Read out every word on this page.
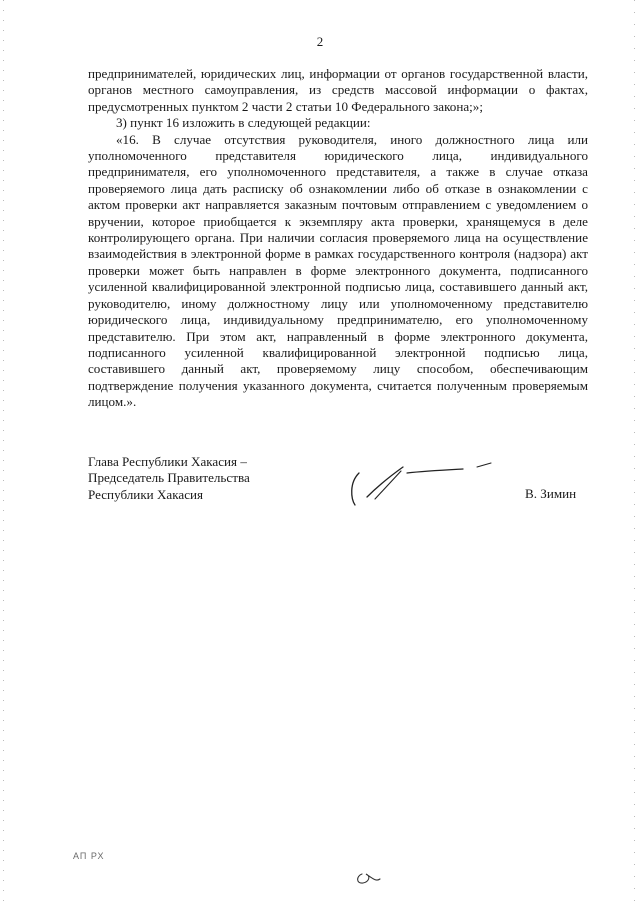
2

предпринимателей, юридических лиц, информации от органов государственной власти, органов местного самоуправления, из средств массовой информации о фактах, предусмотренных пунктом 2 части 2 статьи 10 Федерального закона;»;

3) пункт 16 изложить в следующей редакции:

«16. В случае отсутствия руководителя, иного должностного лица или уполномоченного представителя юридического лица, индивидуального предпринимателя, его уполномоченного представителя, а также в случае отказа проверяемого лица дать расписку об ознакомлении либо об отказе в ознакомлении с актом проверки акт направляется заказным почтовым отправлением с уведомлением о вручении, которое приобщается к экземпляру акта проверки, хранящемуся в деле контролирующего органа. При наличии согласия проверяемого лица на осуществление взаимодействия в электронной форме в рамках государственного контроля (надзора) акт проверки может быть направлен в форме электронного документа, подписанного усиленной квалифицированной электронной подписью лица, составившего данный акт, руководителю, иному должностному лицу или уполномоченному представителю юридического лица, индивидуальному предпринимателю, его уполномоченному представителю. При этом акт, направленный в форме электронного документа, подписанного усиленной квалифицированной электронной подписью лица, составившего данный акт, проверяемому лицу способом, обеспечивающим подтверждение получения указанного документа, считается полученным проверяемым лицом.».

Глава Республики Хакасия –
Председатель Правительства
Республики Хакасия	В. Зимин
АП РХ
